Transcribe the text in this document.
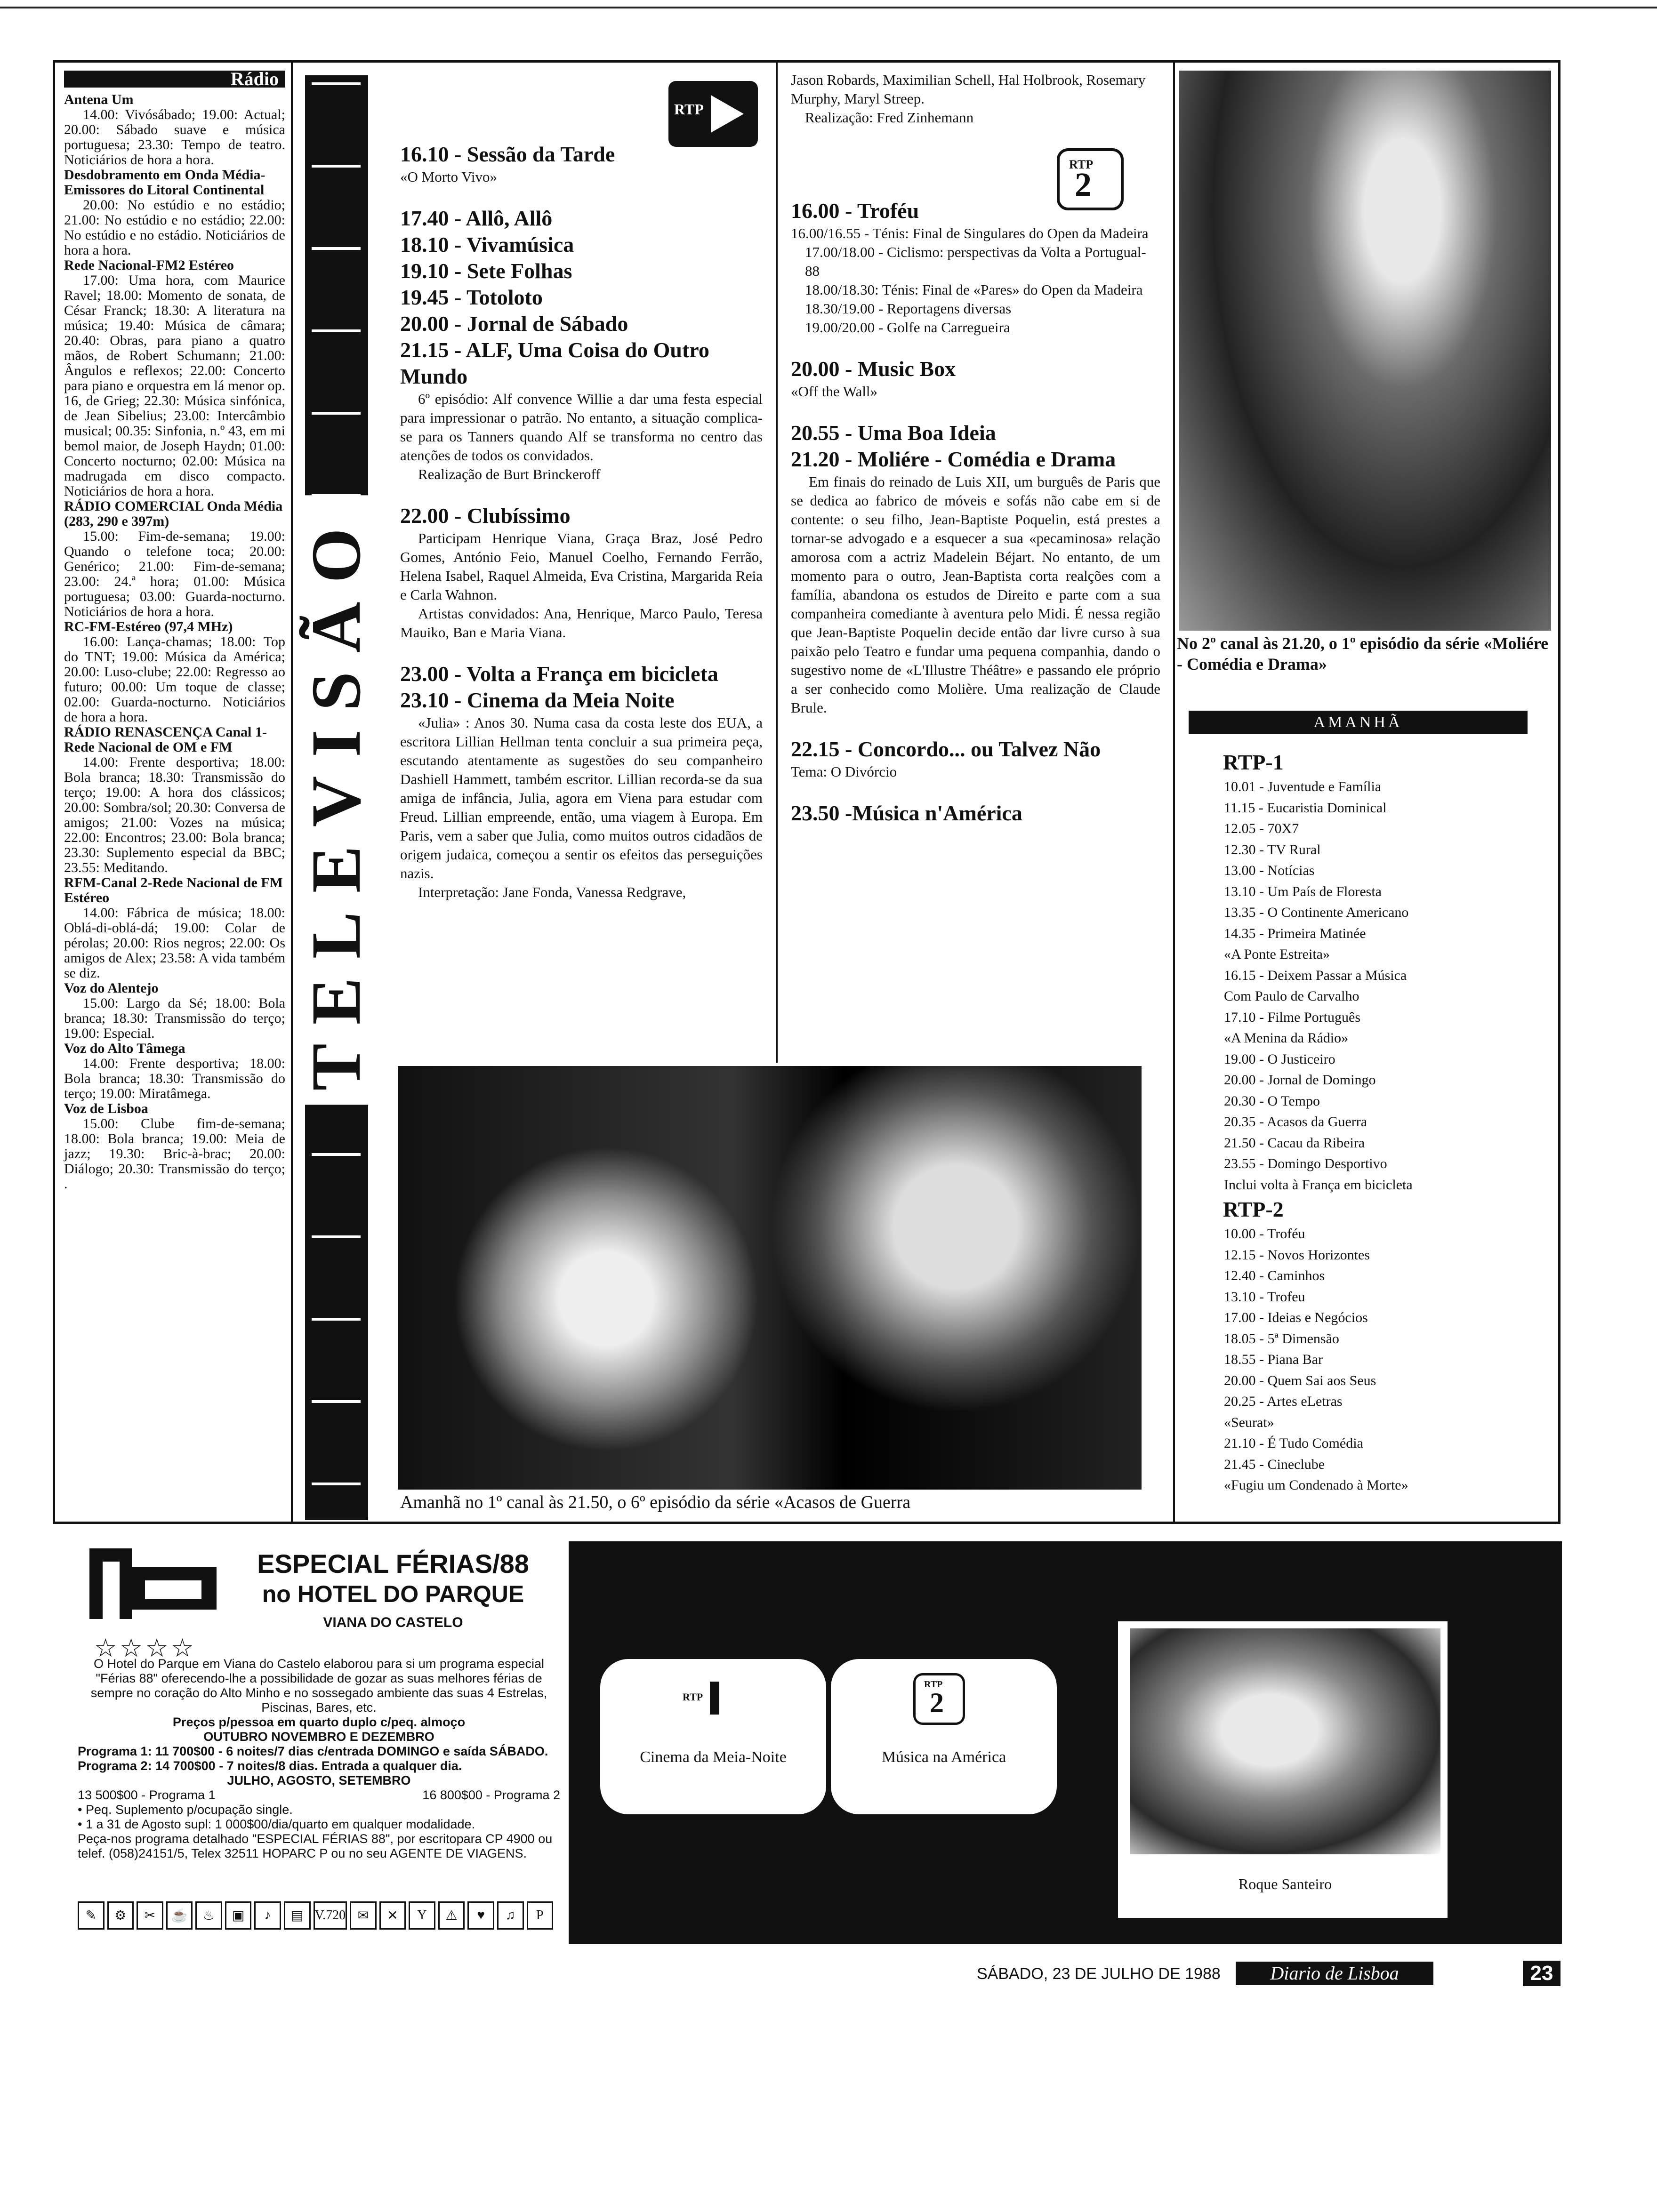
Rádio
Antena Um
14.00: Vivósábado; 19.00: Actual; 20.00: Sábado suave e música portuguesa; 23.30: Tempo de teatro. Noticiários de hora a hora.
Desdobramento em Onda Média-Emissores do Litoral Continental
20.00: No estúdio e no estádio; 21.00: No estúdio e no estádio; 22.00: No estúdio e no estádio. Noticiários de hora a hora.
Rede Nacional-FM2 Estéreo
17.00: Uma hora, com Maurice Ravel; 18.00: Momento de sonata, de César Franck; 18.30: A literatura na música; 19.40: Música de câmara; 20.40: Obras, para piano a quatro mãos, de Robert Schumann; 21.00: Ângulos e reflexos; 22.00: Concerto para piano e orquestra em lá menor op. 16, de Grieg; 22.30: Música sinfónica, de Jean Sibelius; 23.00: Intercâmbio musical; 00.35: Sinfonia, n.º 43, em mi bemol maior, de Joseph Haydn; 01.00: Concerto nocturno; 02.00: Música na madrugada em disco compacto. Noticiários de hora a hora.
RÁDIO COMERCIAL Onda Média (283, 290 e 397m)
15.00: Fim-de-semana; 19.00: Quando o telefone toca; 20.00: Genérico; 21.00: Fim-de-semana; 23.00: 24.ª hora; 01.00: Música portuguesa; 03.00: Guarda-nocturno. Noticiários de hora a hora.
RC-FM-Estéreo (97,4 MHz)
16.00: Lança-chamas; 18.00: Top do TNT; 19.00: Música da América; 20.00: Luso-clube; 22.00: Regresso ao futuro; 00.00: Um toque de classe; 02.00: Guarda-nocturno. Noticiários de hora a hora.
RÁDIO RENASCENÇA Canal 1-Rede Nacional de OM e FM
14.00: Frente desportiva; 18.00: Bola branca; 18.30: Transmissão do terço; 19.00: A hora dos clássicos; 20.00: Sombra/sol; 20.30: Conversa de amigos; 21.00: Vozes na música; 22.00: Encontros; 23.00: Bola branca; 23.30: Suplemento especial da BBC; 23.55: Meditando.
RFM-Canal 2-Rede Nacional de FM Estéreo
14.00: Fábrica de música; 18.00: Oblá-di-oblá-dá; 19.00: Colar de pérolas; 20.00: Rios negros; 22.00: Os amigos de Alex; 23.58: A vida também se diz.
Voz do Alentejo
15.00: Largo da Sé; 18.00: Bola branca; 18.30: Transmissão do terço; 19.00: Especial.
Voz do Alto Tâmega
14.00: Frente desportiva; 18.00: Bola branca; 18.30: Transmissão do terço; 19.00: Miratâmega.
Voz de Lisboa
15.00: Clube fim-de-semana; 18.00: Bola branca; 19.00: Meia de jazz; 19.30: Bric-à-brac; 20.00: Diálogo; 20.30: Transmissão do terço; .
TELEVISÃO
RTP
16.10 - Sessão da Tarde
«O Morto Vivo»
17.40 - Allô, Allô
18.10 - Vivamúsica
19.10 - Sete Folhas
19.45 - Totoloto
20.00 - Jornal de Sábado
21.15 - ALF, Uma Coisa do Outro Mundo

6º episódio: Alf convence Willie a dar uma festa especial para impressionar o patrão. No entanto, a situação complica-se para os Tanners quando Alf se transforma no centro das atenções de todos os convidados.

Realização de Burt Brinckeroff

22.00 - Clubíssimo

Participam Henrique Viana, Graça Braz, José Pedro Gomes, António Feio, Manuel Coelho, Fernando Ferrão, Helena Isabel, Raquel Almeida, Eva Cristina, Margarida Reia e Carla Wahnon.

Artistas convidados: Ana, Henrique, Marco Paulo, Teresa Mauiko, Ban e Maria Viana.

23.00 - Volta a França em bicicleta
23.10 - Cinema da Meia Noite

«Julia» : Anos 30. Numa casa da costa leste dos EUA, a escritora Lillian Hellman tenta concluir a sua primeira peça, escutando atentamente as sugestões do seu companheiro Dashiell Hammett, também escritor. Lillian recorda-se da sua amiga de infância, Julia, agora em Viena para estudar com Freud. Lillian empreende, então, uma viagem à Europa. Em Paris, vem a saber que Julia, como muitos outros cidadãos de origem judaica, começou a sentir os efeitos das perseguições nazis.

Interpretação: Jane Fonda, Vanessa Redgrave,

Jason Robards, Maximilian Schell, Hal Holbrook, Rosemary Murphy, Maryl Streep.
Realização: Fred Zinhemann
16.00 - Troféu
16.00/16.55 - Ténis: Final de Singulares do Open da Madeira
17.00/18.00 - Ciclismo: perspectivas da Volta a Portugual-88
18.00/18.30: Ténis: Final de «Pares» do Open da Madeira
18.30/19.00 - Reportagens diversas
19.00/20.00 - Golfe na Carregueira
20.00 - Music Box
«Off the Wall»
20.55 - Uma Boa Ideia
21.20 - Moliére - Comédia e Drama

Em finais do reinado de Luis XII, um burguês de Paris que se dedica ao fabrico de móveis e sofás não cabe em si de contente: o seu filho, Jean-Baptiste Poquelin, está prestes a tornar-se advogado e a esquecer a sua «pecaminosa» relação amorosa com a actriz Madelein Béjart. No entanto, de um momento para o outro, Jean-Baptista corta realções com a família, abandona os estudos de Direito e parte com a sua companheira comediante à aventura pelo Midi. É nessa região que Jean-Baptiste Poquelin decide então dar livre curso à sua paixão pelo Teatro e fundar uma pequena companhia, dando o sugestivo nome de «L'Illustre Théâtre» e passando ele próprio a ser conhecido como Molière. Uma realização de Claude Brule.

22.15 - Concordo... ou Talvez Não
Tema: O Divórcio
23.50 -Música n'América
RTP
2
No 2º canal às 21.20, o 1º episódio da série «Moliére - Comédia e Drama»
Amanhã no 1º canal às 21.50, o 6º episódio da série «Acasos de Guerra
AMANHÃ
RTP-1
10.01 - Juventude e Família
11.15 - Eucaristia Dominical
12.05 - 70X7
12.30 - TV Rural
13.00 - Notícias
13.10 - Um País de Floresta
13.35 - O Continente Americano
14.35 - Primeira Matinée
«A Ponte Estreita»
16.15 - Deixem Passar a Música
Com Paulo de Carvalho
17.10 - Filme Português
«A Menina da Rádio»
19.00 - O Justiceiro
20.00 - Jornal de Domingo
20.30 - O Tempo
20.35 - Acasos da Guerra
21.50 - Cacau da Ribeira
23.55 - Domingo Desportivo
Inclui volta à França em bicicleta
RTP-2
10.00 - Troféu
12.15 - Novos Horizontes
12.40 - Caminhos
13.10 - Trofeu
17.00 - Ideias e Negócios
18.05 - 5ª Dimensão
18.55 - Piana Bar
20.00 - Quem Sai aos Seus
20.25 - Artes eLetras
«Seurat»
21.10 - É Tudo Comédia
21.45 - Cineclube
«Fugiu um Condenado à Morte»
ESPECIAL FÉRIAS/88
no HOTEL DO PARQUE
VIANA DO CASTELO
☆☆☆☆
O Hotel do Parque em Viana do Castelo elaborou para si um programa especial "Férias 88" oferecendo-lhe a possibilidade de gozar as suas melhores férias de sempre no coração do Alto Minho e no sossegado ambiente das suas 4 Estrelas, Piscinas, Bares, etc.
Preços p/pessoa em quarto duplo c/peq. almoço
OUTUBRO NOVEMBRO E DEZEMBRO
Programa 1: 11 700$00 - 6 noites/7 dias c/entrada DOMINGO e saída SÁBADO.
Programa 2: 14 700$00 - 7 noites/8 dias. Entrada a qualquer dia.
JULHO, AGOSTO, SETEMBRO
13 500$00 - Programa 1	16 800$00 - Programa 2
• Peq. Suplemento p/ocupação single.
• 1 a 31 de Agosto supl: 1 000$00/dia/quarto em qualquer modalidade.
Peça-nos programa detalhado "ESPECIAL FÉRIAS 88", por escritopara CP 4900 ou telef. (058)24151/5, Telex 32511 HOPARC P ou no seu AGENTE DE VIAGENS.
✎	⚙	✂	☕	♨	▣	♪	▤ V.720 ✉	✕	Y	⚠	♥	♫	P
GRUNDIG a segurança de um grande nome
seleccionou para si...
RTP
Cinema da Meia-Noite
RTP
2
Música na América
Assistência Técnica Grundig
NACIONAL RÁDIO
Rua Bento Jesus Caraça, 17 - Cruz Quebrada - Telef. 2112871
Roque Santeiro
SÁBADO, 23 DE JULHO DE 1988	Diario de Lisboa	23
